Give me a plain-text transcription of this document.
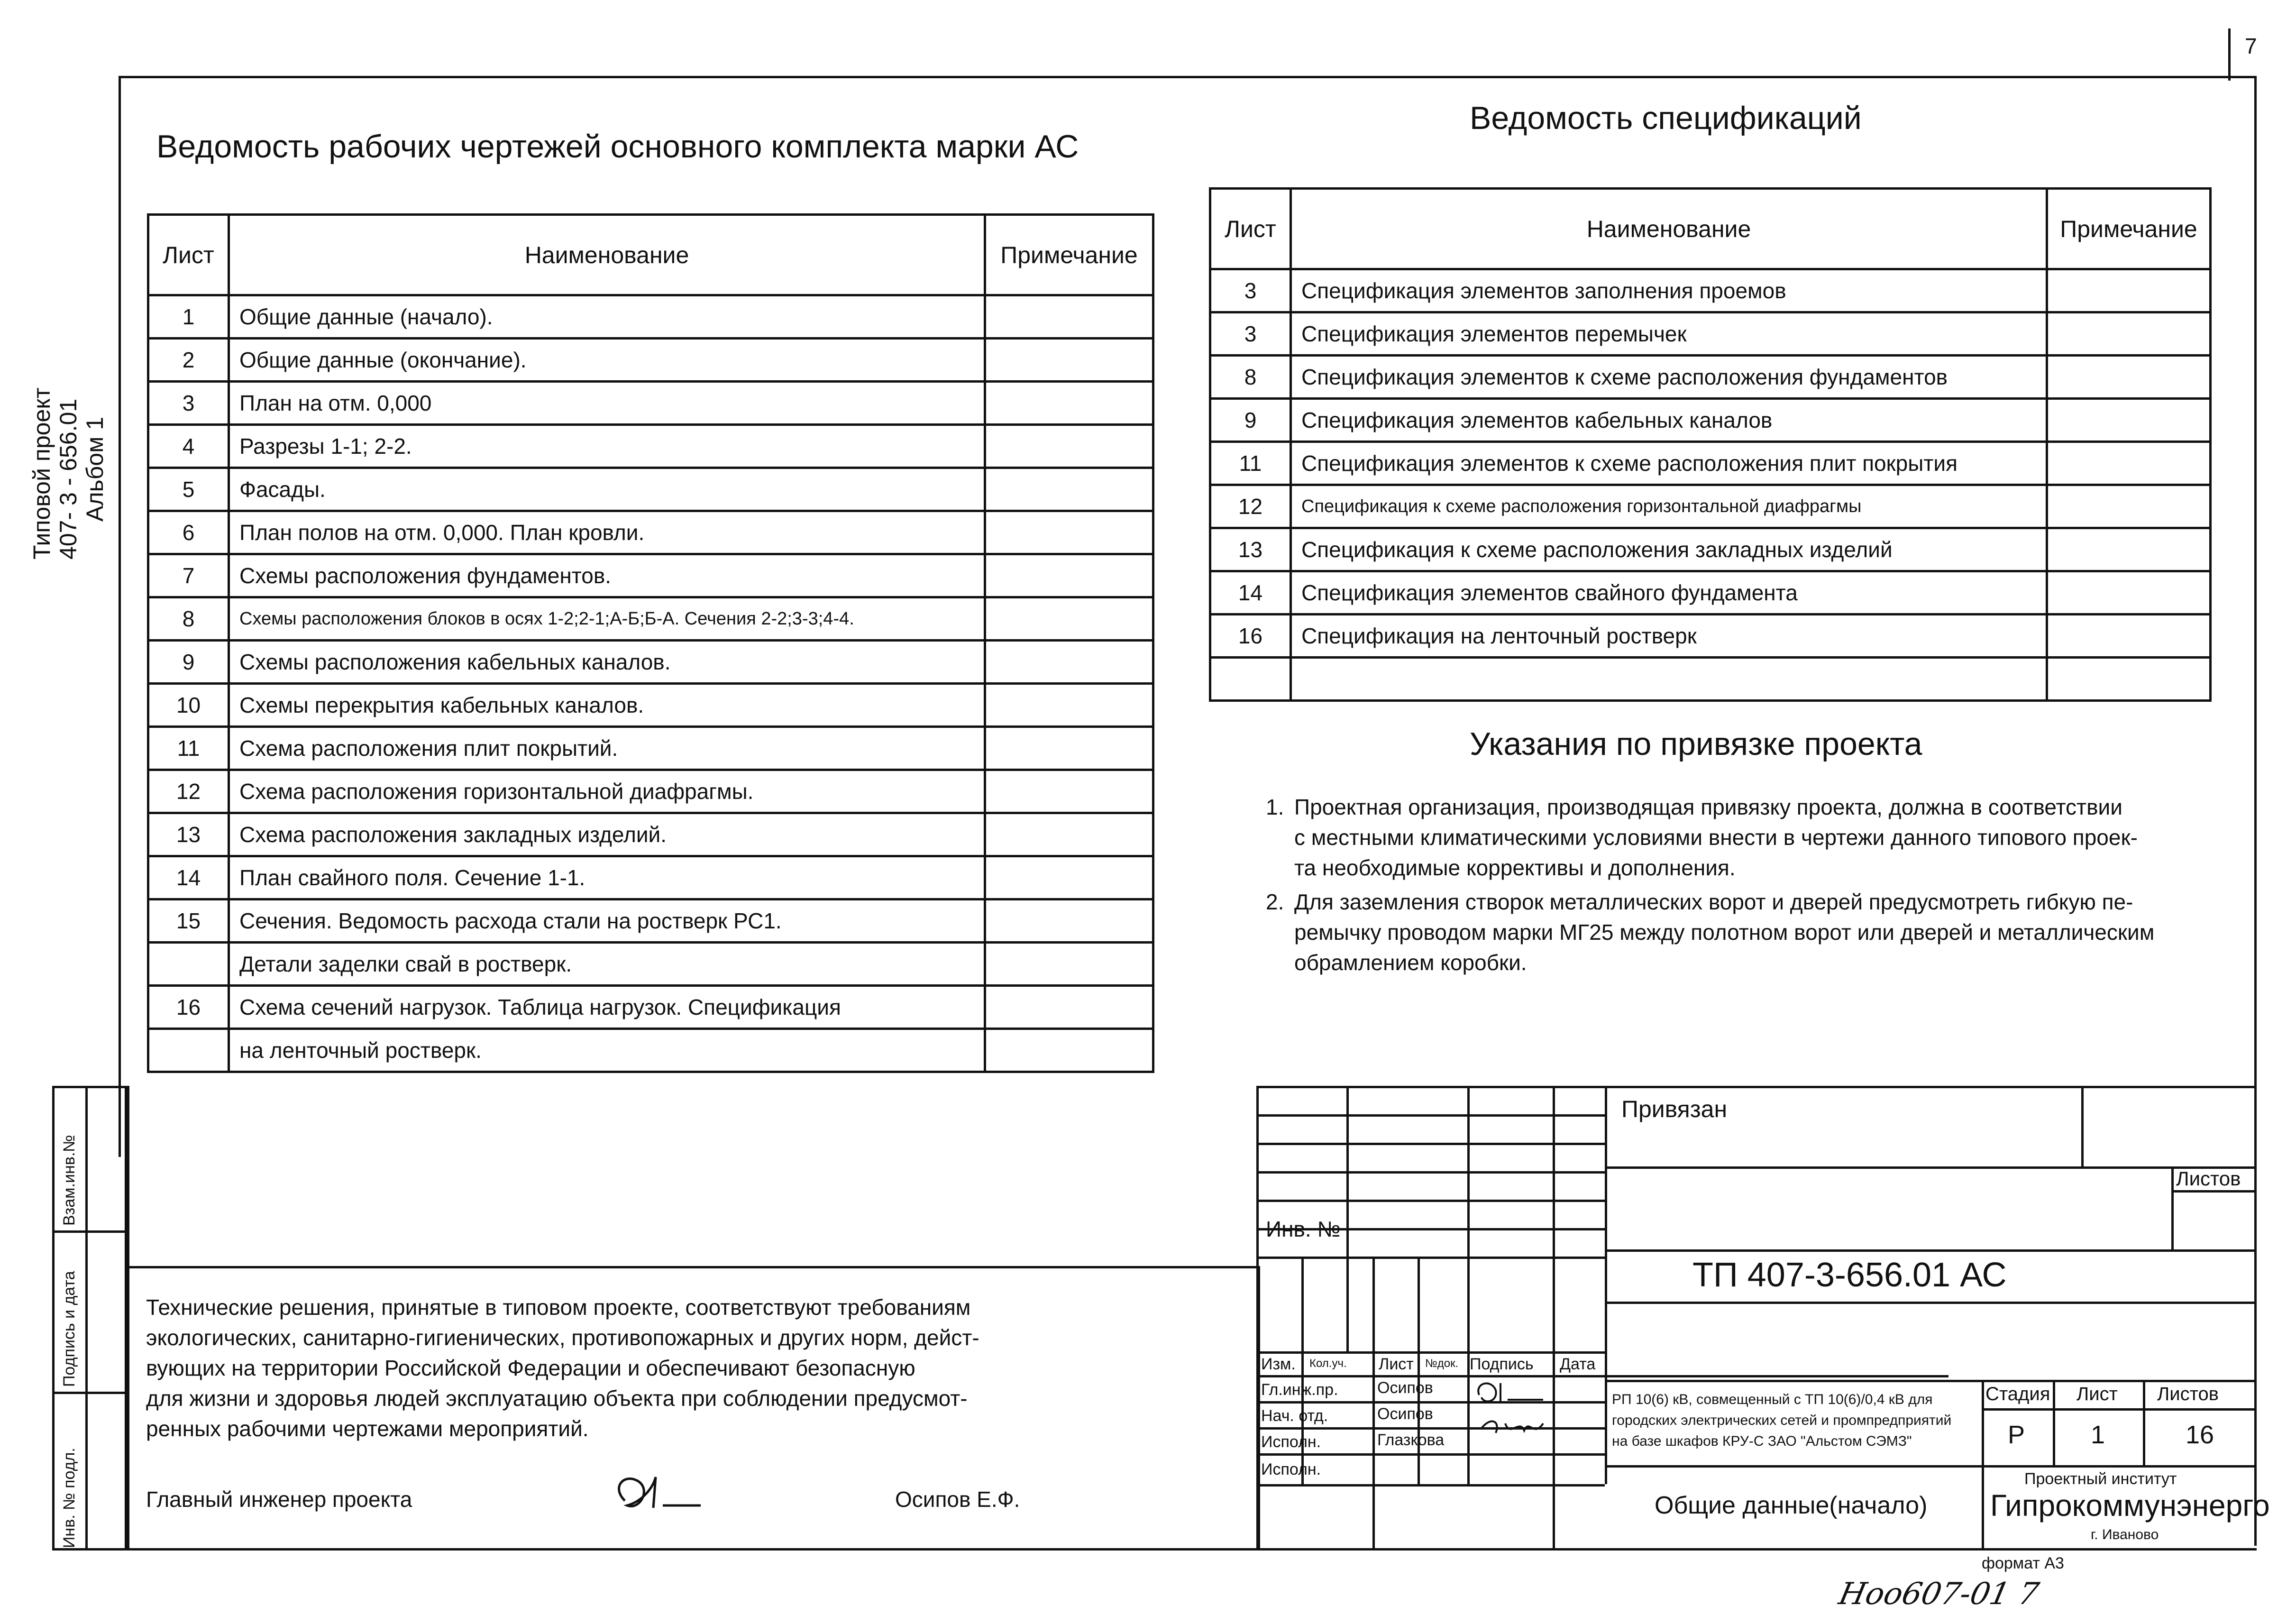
7
Типовой проект 407- 3 - 656.01 Альбом 1
Взам.инв.№
Подпись и дата
Инв. № подл.
Ведомость рабочих чертежей основного комплекта марки АС
Лист	Наименование	Примечание
1	Общие данные (начало).	
2	Общие данные (окончание).	
3	План на отм. 0,000	
4	Разрезы 1-1; 2-2.	
5	Фасады.	
6	План полов на отм. 0,000. План кровли.	
7	Схемы расположения фундаментов.	
8	Схемы расположения блоков в осях 1-2;2-1;А-Б;Б-А. Сечения 2-2;3-3;4-4.	
9	Схемы расположения кабельных каналов.	
10	Схемы перекрытия кабельных каналов.	
11	Схема расположения плит покрытий.	
12	Схема расположения горизонтальной диафрагмы.	
13	Схема расположения закладных изделий.	
14	План свайного поля. Сечение 1-1.	
15	Сечения. Ведомость расхода стали на ростверк РС1.	
	Детали заделки свай в ростверк.	
16	Схема сечений нагрузок. Таблица нагрузок. Спецификация	
	на ленточный ростверк.	
Ведомость спецификаций
Лист	Наименование	Примечание
3	Спецификация элементов заполнения проемов	
3	Спецификация элементов перемычек	
8	Спецификация элементов к схеме расположения фундаментов	
9	Спецификация элементов кабельных каналов	
11	Спецификация элементов к схеме расположения плит покрытия	
12	Спецификация к схеме расположения горизонтальной диафрагмы	
13	Спецификация к схеме расположения закладных изделий	
14	Спецификация элементов свайного фундамента	
16	Спецификация на ленточный ростверк	

Указания по привязке проекта
1. Проектная организация, производящая привязку проекта, должна в соответствии
с местными климатическими условиями внести в чертежи данного типового проек-
та необходимые коррективы и дополнения.
2. Для заземления створок металлических ворот и дверей предусмотреть гибкую пе-
ремычку проводом марки МГ25 между полотном ворот или дверей и металлическим
обрамлением коробки.
Технические решения, принятые в типовом проекте, соответствуют требованиям
экологических, санитарно-гигиенических, противопожарных и других норм, дейст-
вующих на территории Российской Федерации и обеспечивают безопасную
для жизни и здоровья людей эксплуатацию объекта при соблюдении предусмот-
ренных рабочими чертежами мероприятий.
Главный инженер проекта	Осипов Е.Ф.
Инв. №
Изм. Кол.уч. Лист №док. Подпись Дата
Гл.инж.пр. Осипов
Нач. отд.	Осипов
Исполн.	Глазкова
Исполн.
Привязан
Листов
ТП 407-3-656.01 АС
РП 10(6) кВ, совмещенный с ТП 10(6)/0,4 кВ для
городских электрических сетей и промпредприятий
на базе шкафов КРУ-С ЗАО "Альстом СЭМЗ"
Стадия Лист Листов
Р	1	16
Общие данные(начало)
Проектный институт
Гипрокоммунэнерго
г. Иваново
формат А3
Ноо607-01 7
